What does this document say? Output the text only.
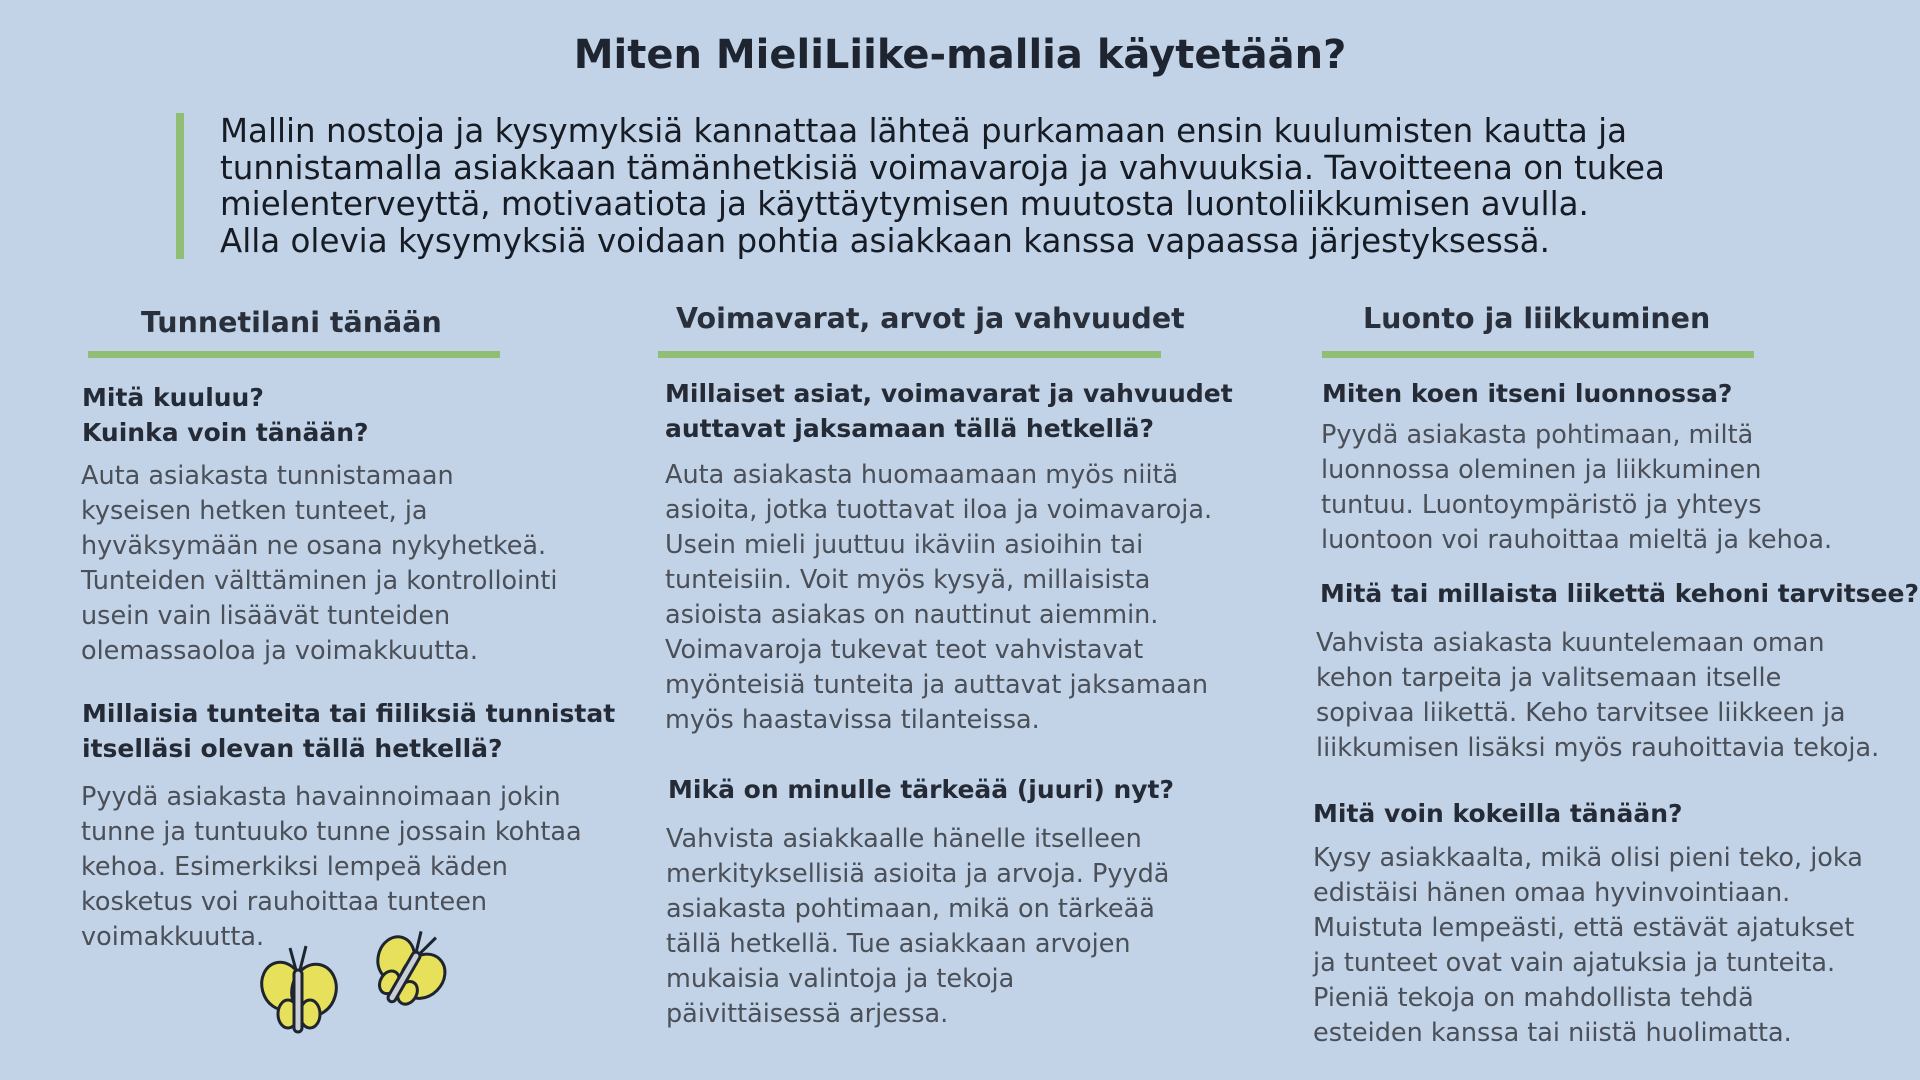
Miten MieliLiike-mallia käytetään?

Mallin nostoja ja kysymyksiä kannattaa lähteä purkamaan ensin kuulumisten kautta ja

tunnistamalla asiakkaan tämänhetkisiä voimavaroja ja vahvuuksia. Tavoitteena on tukea

mielenterveyttä, motivaatiota ja käyttäytymisen muutosta luontoliikkumisen avulla.

Alla olevia kysymyksiä voidaan pohtia asiakkaan kanssa vapaassa järjestyksessä.

Tunnetilani tänään
Mitä kuuluu?
Kuinka voin tänään?
Auta asiakasta tunnistamaan
kyseisen hetken tunteet, ja
hyväksymään ne osana nykyhetkeä.
Tunteiden välttäminen ja kontrollointi
usein vain lisäävät tunteiden
olemassaoloa ja voimakkuutta.
Millaisia tunteita tai fiiliksiä tunnistat
itselläsi olevan tällä hetkellä?
Pyydä asiakasta havainnoimaan jokin
tunne ja tuntuuko tunne jossain kohtaa
kehoa. Esimerkiksi lempeä käden
kosketus voi rauhoittaa tunteen
voimakkuutta.
Voimavarat, arvot ja vahvuudet
Millaiset asiat, voimavarat ja vahvuudet
auttavat jaksamaan tällä hetkellä?
Auta asiakasta huomaamaan myös niitä
asioita, jotka tuottavat iloa ja voimavaroja.
Usein mieli juuttuu ikäviin asioihin tai
tunteisiin. Voit myös kysyä, millaisista
asioista asiakas on nauttinut aiemmin.
Voimavaroja tukevat teot vahvistavat
myönteisiä tunteita ja auttavat jaksamaan
myös haastavissa tilanteissa.
Mikä on minulle tärkeää (juuri) nyt?
Vahvista asiakkaalle hänelle itselleen
merkityksellisiä asioita ja arvoja. Pyydä
asiakasta pohtimaan, mikä on tärkeää
tällä hetkellä. Tue asiakkaan arvojen
mukaisia valintoja ja tekoja
päivittäisessä arjessa.
Luonto ja liikkuminen
Miten koen itseni luonnossa?
Pyydä asiakasta pohtimaan, miltä
luonnossa oleminen ja liikkuminen
tuntuu. Luontoympäristö ja yhteys
luontoon voi rauhoittaa mieltä ja kehoa.
Mitä tai millaista liikettä kehoni tarvitsee?
Vahvista asiakasta kuuntelemaan oman
kehon tarpeita ja valitsemaan itselle
sopivaa liikettä. Keho tarvitsee liikkeen ja
liikkumisen lisäksi myös rauhoittavia tekoja.
Mitä voin kokeilla tänään?
Kysy asiakkaalta, mikä olisi pieni teko, joka
edistäisi hänen omaa hyvinvointiaan.
Muistuta lempeästi, että estävät ajatukset
ja tunteet ovat vain ajatuksia ja tunteita.
Pieniä tekoja on mahdollista tehdä
esteiden kanssa tai niistä huolimatta.
